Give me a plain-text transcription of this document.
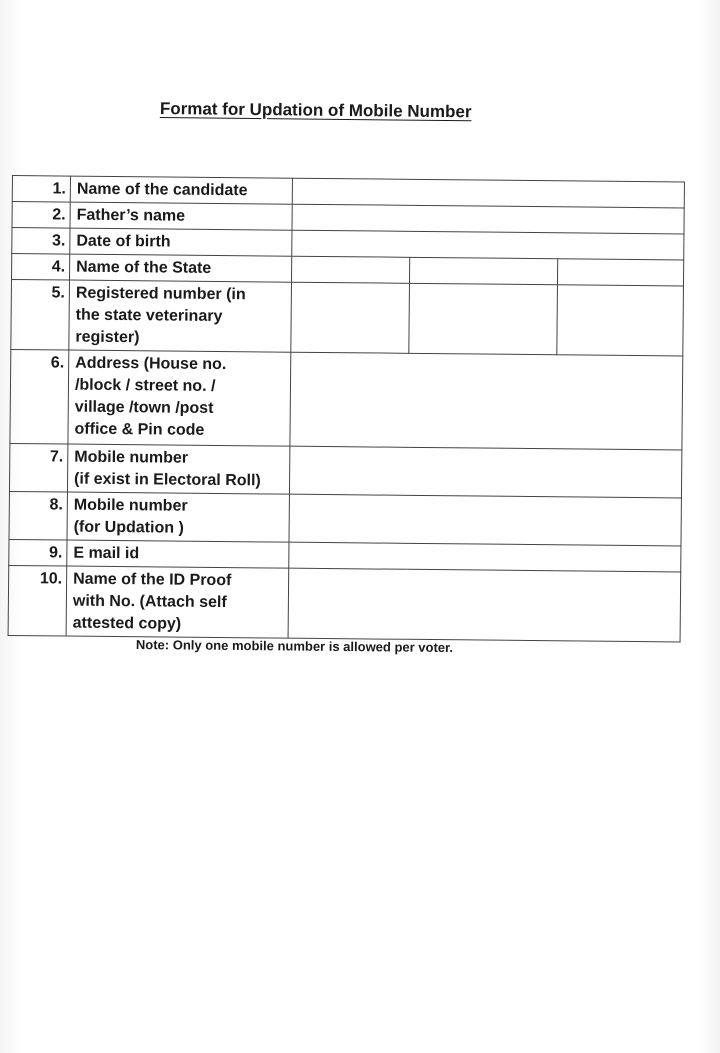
Format for Updation of Mobile Number
1.	Name of the candidate			
2.	Father’s name			
3.	Date of birth			
4.	Name of the State			
5.	Registered number (in
the state veterinary
register)			
6.	Address (House no.
/block / street no. /
village /town /post
office & Pin code			
7.	Mobile number
(if exist in Electoral Roll)			
8.	Mobile number
(for Updation )			
9.	E mail id			
10.	Name of the ID Proof
with No. (Attach self
attested copy)			
Note: Only one mobile number is allowed per voter.
